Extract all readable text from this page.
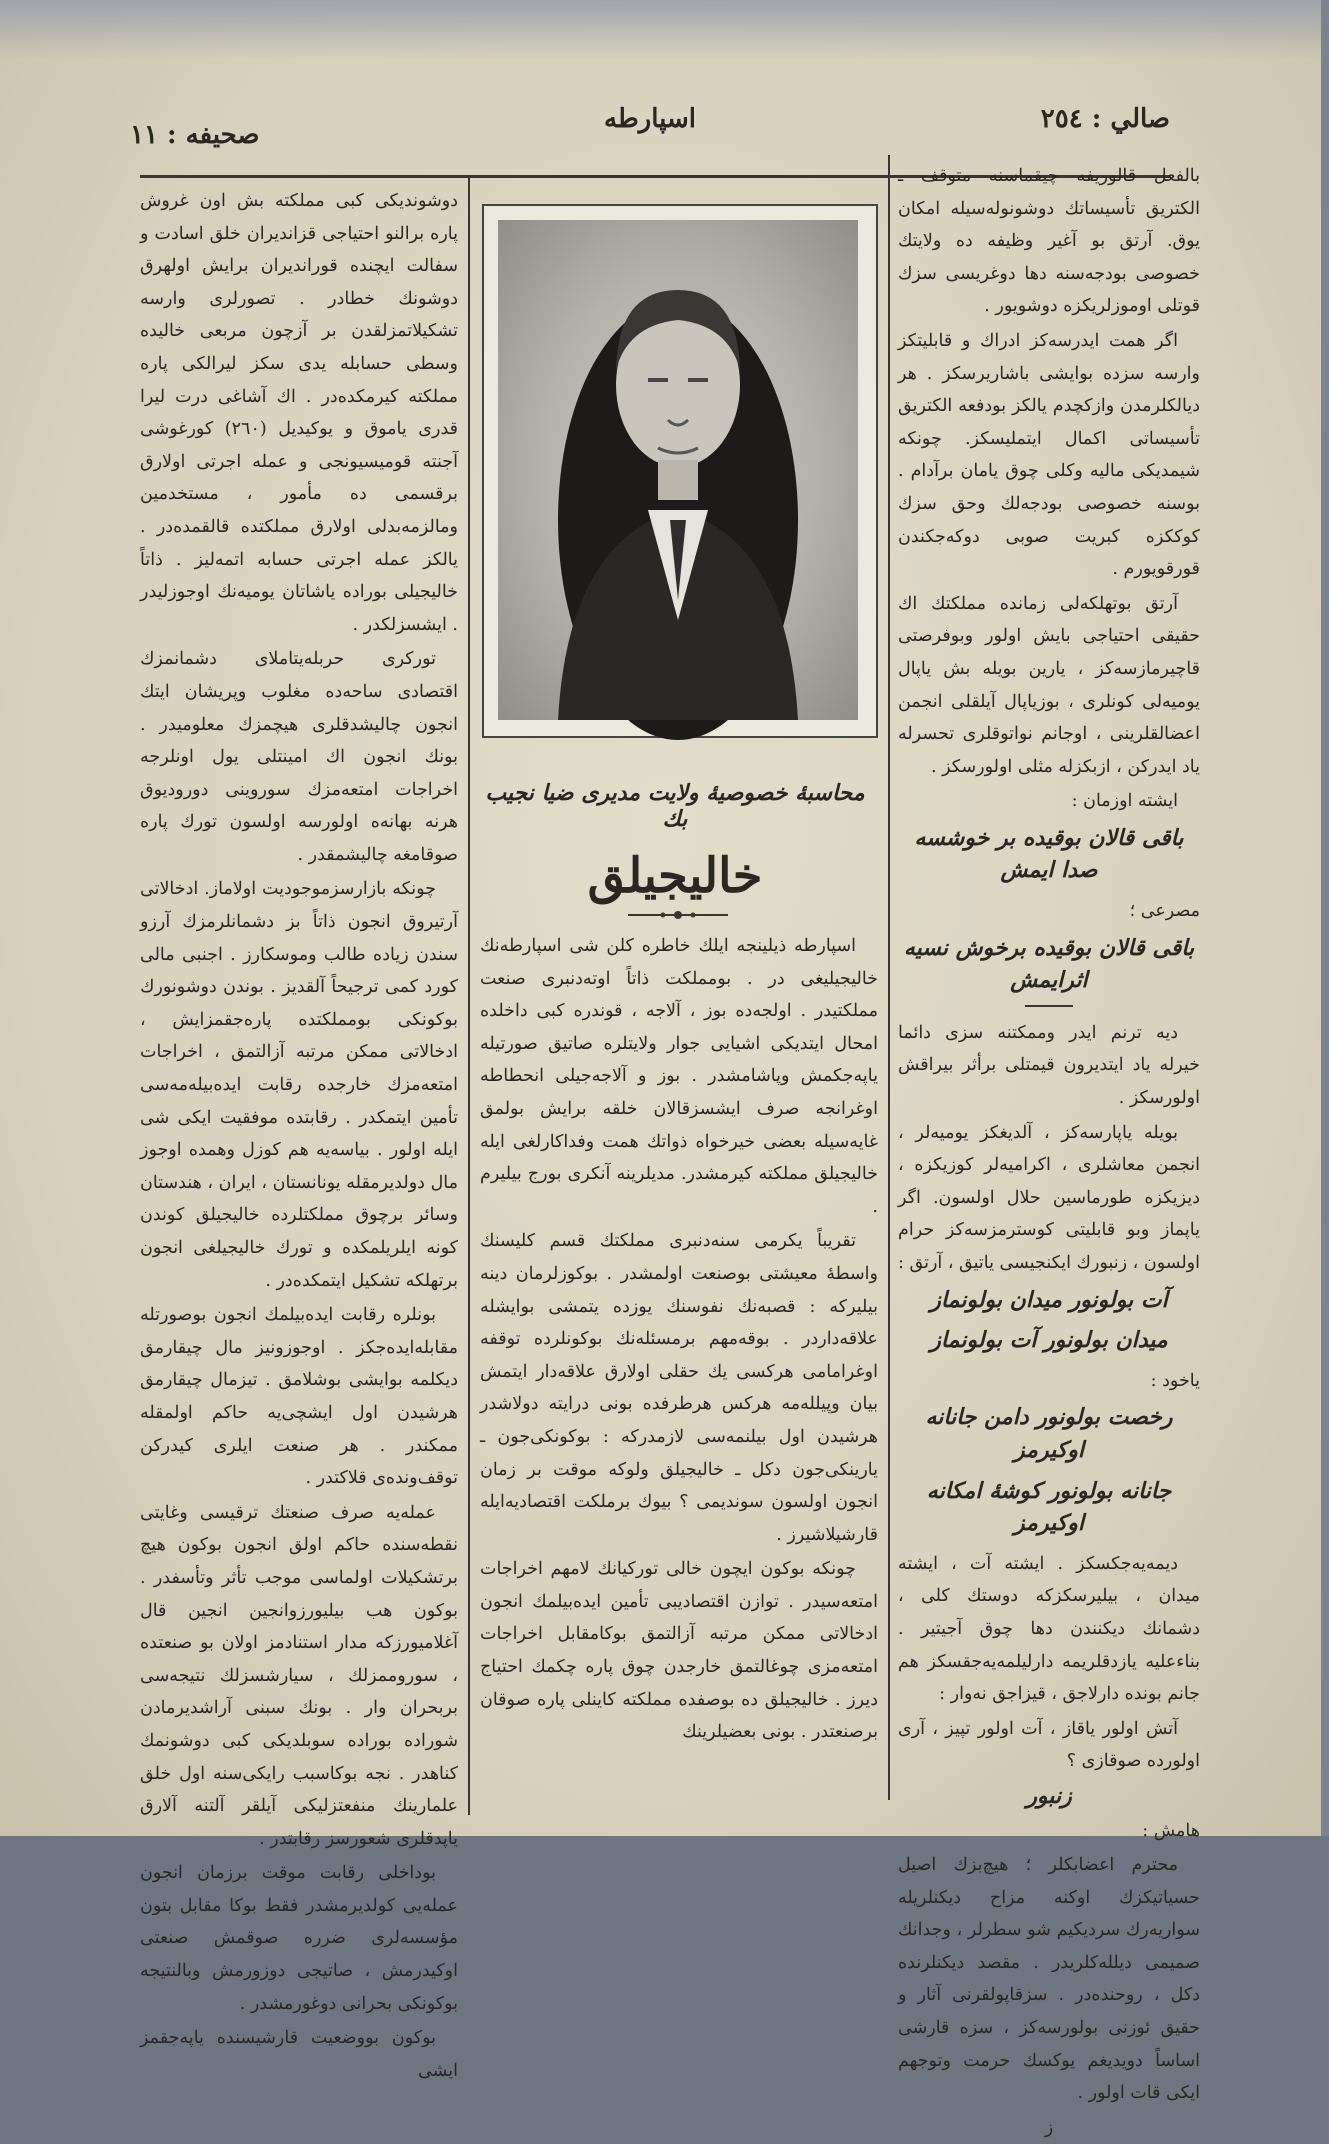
صالي : ٢٥٤
اسپارطه
صحيفه : ١١

بالفعل قالوریفه چیقماسنه متوقف ـ الکتریق تأسیساتك دوشونوله‌سیله امکان یوق. آرتق بو آغیر وظیفه ده ولایتك خصوصی بودجه‌سنه دها دوغریسی سزك قوتلی اوموزلریکزه دوشویور .

اگر همت ایدرسه‌کز ادراك و قابلیتکز وارسه سزده بوایشی باشاریرسکز . هر دیالکلرمدن وازکچدم یالکز بودفعه الکتریق تأسیساتی اکمال ایتملیسکز. چونکه شیمدیکی مالیه وکلی چوق یامان برآدام . بوسنه خصوصی بودجه‌لك وحق سزك کوککزه کبریت صوبی دوکه‌جکندن قورقویورم .

آرتق بوتهلکه‌لی زمانده مملکتك اك حقیقی احتیاجی بایش اولور وبوفرصتی قاچیرمازسه‌کز ، یارین بویله بش یاپال یومیه‌لی کونلری ، بوزیاپال آیلقلی انجمن اعضالقلرینی ، اوجانم نواتوقلری تحسرله یاد ایدرکن ، ازبکزله مثلی اولورسکز .

ایشته اوزمان :

باقی قالان بوقیده بر خوشسه صدا ایمش

مصرعی ؛

باقی قالان بوقیده برخوش نسیه اثرایمش

دیه ترنم ایدر وممکتنه سزی دائما خیرله یاد ایتدیرون قیمتلی برأثر بیراقش اولورسکز .

بویله یاپارسه‌کز ، آلدیغکز یومیه‌لر ، انجمن معاشلری ، اکرامیه‌لر کوزیکزه ، دیزیکزه طورماسین حلال اولسون. اگر یاپماز وبو قابلیتی کوسترمزسه‌کز حرام اولسون ، زنبورك ایکنجیسی یاتیق ، آرتق :

آت بولونور میدان بولونماز

میدان بولونور آت بولونماز

یاخود :

رخصت بولونور دامن جانانه اوکیرمز

جانانه بولونور کوشهٔ امکانه اوکیرمز

دیمه‌یه‌جکسکز . ایشته آت ، ایشته میدان ، بیلیرسکزکه دوستك کلی ، دشمانك دیکنندن دها چوق آجیتیر . بناءعلیه یازدقلریمه دارلیلمه‌یه‌جقسکز هم جانم بونده دارلاجق ، قیزاجق نه‌وار :

آتش اولور یاقاز ، آت اولور تپیز ، آری اولورده صوقازی ؟

زنبور

هامش :

محترم اعضابکلر ؛ هیچ‌بزك اصیل حسیاتیکزك اوکنه مزاح دیکنلریله سواریه‌رك سردیکیم شو سطرلر ، وجدانك صمیمی دیلله‌کلریدر . مقصد دیکنلرنده دکل ، روحنده‌در . سزقاپولقرنی آثار و حقیق ئوزنی بولورسه‌کز ، سزه قارشی اساساً دویدیغم یوکسك حرمت وتوجهم ایکی قات اولور .

ز

محاسبهٔ خصوصیهٔ ولایت مدیری ضیا نجیب بك
خالیجیلق

اسپارطه ذیلینجه ایلك خاطره کلن شی اسپارطه‌نك خالیجیلیغی در . بومملکت ذاتاً اوته‌دنبری صنعت مملکتیدر . اولجه‌ده بوز ، آلاجه ، قوندره کبی داخلده امحال ایتدیکی اشیایی جوار ولایتلره صاتیق صورتیله یاپه‌جکمش وپاشامشدر . بوز و آلاجه‌جیلی انحطاطه اوغرانجه صرف ایشسزقالان خلقه برایش بولمق غایه‌سیله بعضی خیرخواه ذواتك همت وفداکارلغی ایله خالیجیلق مملکته کیرمشدر. مدیلرینه آنکری بورج بیلیرم .

تقریباً یکرمی سنه‌دنبری مملکتك قسم کلیسنك واسطهٔ معیشتی بوصنعت اولمشدر . بوکوزلرمان دینه بیلیرکه : قصبه‌نك نفوسنك یوزده یتمشی بوایشله علاقه‌داردر . بوقه‌مهم برمسئله‌نك بوکونلرده توقفه اوغرامامی هرکسی یك حقلی اولارق علاقه‌دار ایتمش بیان وپیلله‌مه هرکس هرطرفده بونی درایته دولاشدر هرشیدن اول بیلنمه‌سی لازمدرکه : بوکونکی‌جون ـ یارینکی‌جون دکل ـ خالیجیلق ولوکه موقت بر زمان انجون اولسون سوندیمی ؟ بیوك برملکت اقتصادیه‌ایله قارشیلاشیرز .

چونکه بوکون ایچون خالی تورکیانك لامهم اخراجات امتعه‌سیدر . توازن اقتصادیبی تأمین ایده‌بیلمك انجون ادخالاتی ممکن مرتبه آزالتمق بوکامقابل اخراجات امتعه‌مزی چوغالتمق خارجدن چوق پاره چکمك احتیاج دیرز . خالیجیلق ده بوصفده مملکته کاینلی پاره صوقان برصنعتدر . بونی بعضیلرینك

دوشوندیکی کبی مملکته بش اون غروش پاره برالنو احتیاجی قزاندیران خلق اسادت و سفالت ایچنده قوراندیران برایش اولهرق دوشونك خطادر . تصورلری وارسه تشکیلاتمزلقدن بر آزچون مربعی خالیده وسطی حسابله یدی سکز لیرالکی پاره مملکته کیرمکده‌در . اك آشاغی درت لیرا قدری یاموق و یوکیدیل (٢٦٠) کورغوشی آجنته قومیسیونجی و عمله اجرتی اولارق برقسمی ده مأمور ، مستخدمین ومالزمه‌بدلی اولارق مملکتده قالقمده‌در . یالکز عمله اجرتی حسابه اتمه‌لیز . ذاتاً خالیجیلی بوراده یاشاتان یومیه‌نك اوجوزلیدر . ایشسزلکدر .

تورکری حربله‌یتاملای دشمانمزك اقتصادی ساحه‌ده مغلوب وپریشان ایتك انجون چالیشدقلری هیچمزك معلومیدر . بونك انجون اك امینتلی یول اونلرجه اخراجات امتعه‌مزك سوروینی دورودیوق هرنه بهانه‌ه اولورسه اولسون تورك پاره صوقامغه چالیشمقدر .

چونکه بازارسزموجودیت اولاماز. ادخالاتی آرتیروق انجون ذاتاً بز دشمانلرمزك آرزو سندن زیاده طالب وموسکارز . اجنبی مالی کورد کمی ترجیحاً آلقدیز . بوندن دوشونورك بوکونکی بومملکتده پاره‌جقمزایش ، ادخالاتی ممکن مرتبه آزالتمق ، اخراجات امتعه‌مزك خارجده رقابت ایده‌بیله‌مه‌سی تأمین ایتمکدر . رقابتده موفقیت ایکی شی ایله اولور . بیاسه‌یه هم کوزل وهمده اوجوز مال دولدیرمقله یونانستان ، ایران ، هندستان وسائر برچوق مملکتلرده خالیجیلق کوندن کونه ایلریلمکده و تورك خالیجیلغی انجون برتهلکه تشکیل ایتمکده‌در .

بونلره رقابت ایده‌بیلمك انجون بوصورتله مقابله‌ایده‌جکز . اوجوزونیز مال چیقارمق دیکلمه بوایشی بوشلامق . تیزمال چیقارمق هرشیدن اول ایشچی‌یه حاکم اولمقله ممکندر . هر صنعت ایلری کیدرکن توقف‌ونده‌ی قلاکتدر .

عمله‌یه صرف صنعتك ترقیسی وغایتی نقطه‌سنده حاکم اولق انجون بوکون هیچ برتشکیلات اولماسی موجب تأثر وتأسفدر . بوکون هب بیلیورزوانجین انجین قال آغلامیورزکه مدار استنادمز اولان بو صنعتده ، سوروممزلك ، سیارشسزلك نتیجه‌سی بربحران وار . بونك سبنی آراشدیرمادن شوراده بوراده سوبلدیکی کبی دوشونمك کناهدر . نجه بوکاسبب رایکی‌سنه اول خلق علمارینك منفعتزلیکی آیلقر آلتنه آلارق یاپدقلری شعورسز رقابتدر .

بوداخلی رقابت موقت برزمان انجون عمله‌یی کولدیرمشدر فقط بوکا مقابل بتون مؤسسه‌لری ضرره صوقمش صنعتی اوکیدرمش ، صاتیجی دوزورمش وبالنتیجه بوکونکی بحرانی دوغورمشدر .

بوکون بووضعیت قارشیسنده یاپه‌جقمز ایشی
